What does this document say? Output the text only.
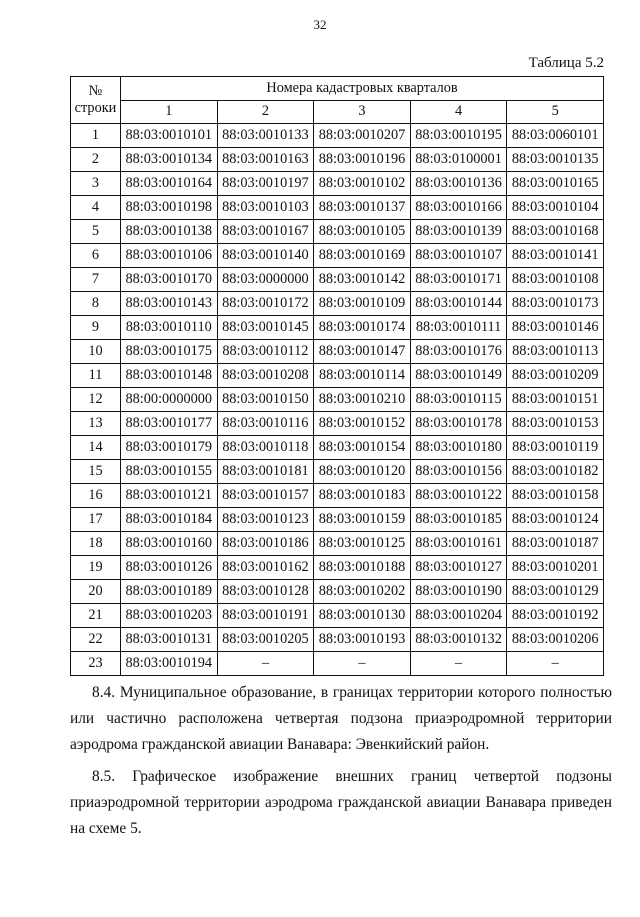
32
Таблица 5.2
№
строки	Номера кадастровых кварталов				
	1	2	3	4	5
1	88:03:0010101	88:03:0010133	88:03:0010207	88:03:0010195	88:03:0060101
2	88:03:0010134	88:03:0010163	88:03:0010196	88:03:0100001	88:03:0010135
3	88:03:0010164	88:03:0010197	88:03:0010102	88:03:0010136	88:03:0010165
4	88:03:0010198	88:03:0010103	88:03:0010137	88:03:0010166	88:03:0010104
5	88:03:0010138	88:03:0010167	88:03:0010105	88:03:0010139	88:03:0010168
6	88:03:0010106	88:03:0010140	88:03:0010169	88:03:0010107	88:03:0010141
7	88:03:0010170	88:03:0000000	88:03:0010142	88:03:0010171	88:03:0010108
8	88:03:0010143	88:03:0010172	88:03:0010109	88:03:0010144	88:03:0010173
9	88:03:0010110	88:03:0010145	88:03:0010174	88:03:0010111	88:03:0010146
10	88:03:0010175	88:03:0010112	88:03:0010147	88:03:0010176	88:03:0010113
11	88:03:0010148	88:03:0010208	88:03:0010114	88:03:0010149	88:03:0010209
12	88:00:0000000	88:03:0010150	88:03:0010210	88:03:0010115	88:03:0010151
13	88:03:0010177	88:03:0010116	88:03:0010152	88:03:0010178	88:03:0010153
14	88:03:0010179	88:03:0010118	88:03:0010154	88:03:0010180	88:03:0010119
15	88:03:0010155	88:03:0010181	88:03:0010120	88:03:0010156	88:03:0010182
16	88:03:0010121	88:03:0010157	88:03:0010183	88:03:0010122	88:03:0010158
17	88:03:0010184	88:03:0010123	88:03:0010159	88:03:0010185	88:03:0010124
18	88:03:0010160	88:03:0010186	88:03:0010125	88:03:0010161	88:03:0010187
19	88:03:0010126	88:03:0010162	88:03:0010188	88:03:0010127	88:03:0010201
20	88:03:0010189	88:03:0010128	88:03:0010202	88:03:0010190	88:03:0010129
21	88:03:0010203	88:03:0010191	88:03:0010130	88:03:0010204	88:03:0010192
22	88:03:0010131	88:03:0010205	88:03:0010193	88:03:0010132	88:03:0010206
23	88:03:0010194	–	–	–	–
8.4. Муниципальное образование, в границах территории которого полностью или частично расположена четвертая подзона приаэродромной территории аэродрома гражданской авиации Ванавара: Эвенкийский район.
8.5. Графическое изображение внешних границ четвертой подзоны
приаэродромной территории аэродрома гражданской авиации Ванавара приведен на схеме 5.
